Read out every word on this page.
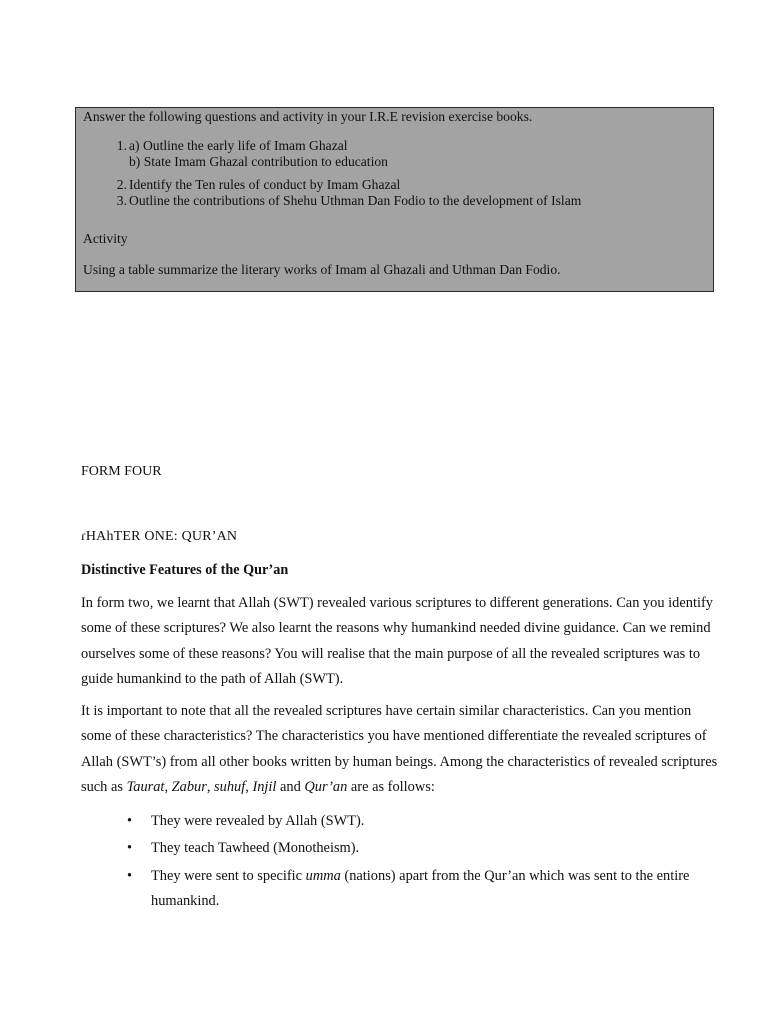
Answer the following questions and activity in your I.R.E revision exercise books.
1. a) Outline the early life of Imam Ghazal
b) State Imam Ghazal contribution to education
2. Identify the Ten rules of conduct by Imam Ghazal
3. Outline the contributions of Shehu Uthman Dan Fodio to the development of Islam
Activity
Using a table summarize the literary works of Imam al Ghazali and Uthman Dan Fodio.
FORM FOUR
ɾHAhTER ONE: QUR’AN
Distinctive Features of the Qur’an
In form two, we learnt that Allah (SWT) revealed various scriptures to different generations. Can you identify some of these scriptures? We also learnt the reasons why humankind needed divine guidance. Can we remind ourselves some of these reasons? You will realise that the main purpose of all the revealed scriptures was to guide humankind to the path of Allah (SWT).
It is important to note that all the revealed scriptures have certain similar characteristics. Can you mention some of these characteristics? The characteristics you have mentioned differentiate the revealed scriptures of Allah (SWT’s) from all other books written by human beings. Among the characteristics of revealed scriptures such as Taurat, Zabur, suhuf, Injil and Qur’an are as follows:
• They were revealed by Allah (SWT).
• They teach Tawheed (Monotheism).
• They were sent to specific umma (nations) apart from the Qur’an which was sent to the entire humankind.
